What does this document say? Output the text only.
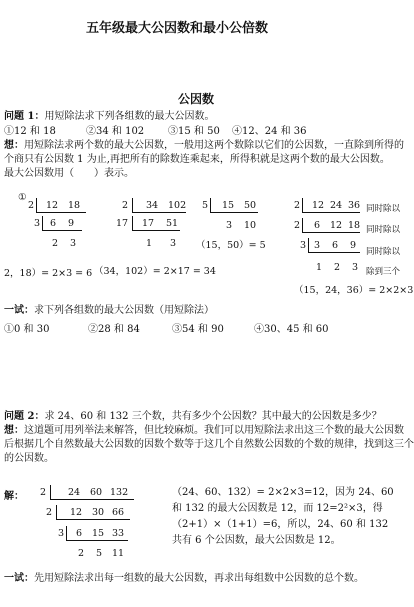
五年级最大公因数和最小公倍数
公因数
问题 1：用短除法求下列各组数的最大公因数。
①12 和 18	②34 和 102 ③15 和 50 ④12、24 和 36
想：用短除法求两个数的最大公因数，一般用这两个数除以它们的公因数，一直除到所得的
个商只有公因数 1 为止,再把所有的除数连乘起来，所得积就是这两个数的最大公因数。
最大公因数用（　　）表示。
①
2 12 18
3 6 9
2 3
2，18）= 2×3 = 6
2 34 102
17 17 51
1 3
（34，102）= 2×17 = 34
5 15 50
3 10
（15，50）= 5
2 12 24 36 同时除以
2 6 12 18 同时除以
3 3 6 9
同时除以
1 2 3 除到三个
（15，24，36）= 2×2×3
一试：求下列各组数的最大公因数（用短除法）
①0 和 30	②28 和 84	③54 和 90	④30、45 和 60
问题 2：求 24、60 和 132 三个数，共有多少个公因数？其中最大的公因数是多少？
想：这道题可用列举法来解答，但比较麻烦。我们可以用短除法求出这三个数的最大公因数
后根据几个自然数最大公因数的因数个数等于这几个自然数公因数的个数的规律，找到这三个
的公因数。
解： 2 24 60 132
2 12 30 66
3 6 15 33
2 5 11
（24、60、132）= 2×2×3=12，因为 24、60
和 132 的最大公因数是 12，而 12=2²×3，得
（2+1）×（1+1）=6，所以，24、60 和 132
共有 6 个公因数，最大公因数是 12。
一试：先用短除法求出每一组数的最大公因数，再求出每组数中公因数的总个数。
